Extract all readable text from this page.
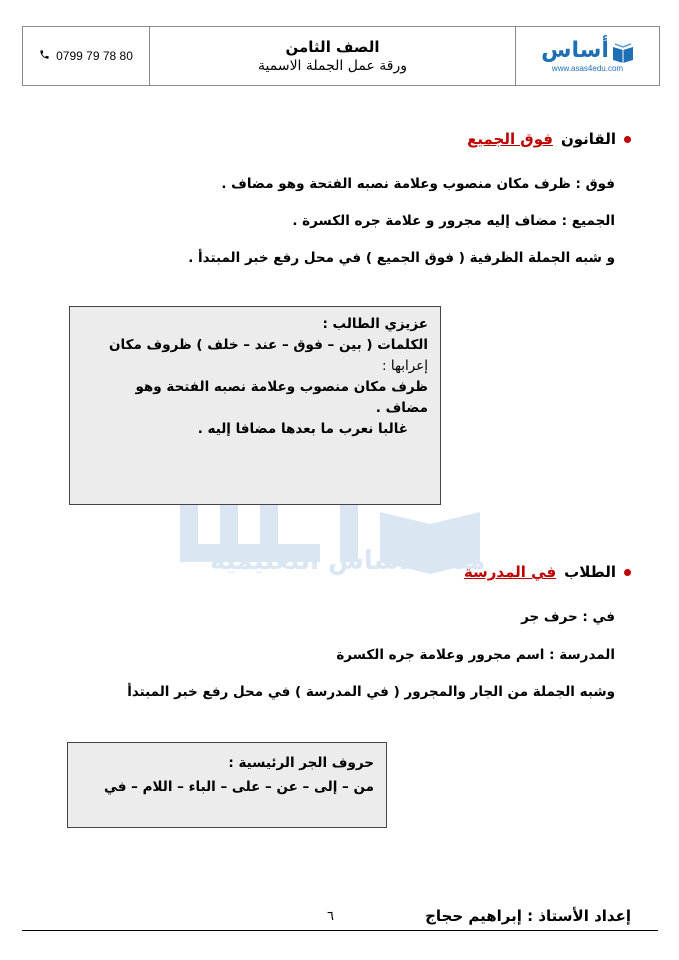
0799 79 78 80	الصف الثامن
ورقة عمل الجملة الاسمية
أساس
www.asas4edu.com
القانون
فوق الجميع
فوق : ظرف مكان منصوب وعلامة نصبه الفتحة وهو مضاف .
الجميع : مضاف إليه مجرور و علامة جره الكسرة .
و شبه الجملة الظرفية ( فوق الجميع ) في محل رفع خبر المبتدأ .
منصة أساس التعليمية

عزيزي الطالب :

الكلمات ( بين – فوق – عند – خلف ) ظروف مكان

إعرابها :

ظرف مكان منصوب وعلامة نصبه الفتحة وهو

مضاف .

غالبا نعرب ما بعدها مضافا إليه .

الطلاب
في المدرسة
في : حرف جر
المدرسة : اسم مجرور وعلامة جره الكسرة
وشبه الجملة من الجار والمجرور ( في المدرسة ) في محل رفع خبر المبتدأ

حروف الجر الرئيسية :

من – إلى – عن – على – الباء – اللام – في

٦	إعداد الأستاذ : إبراهيم حجاج
